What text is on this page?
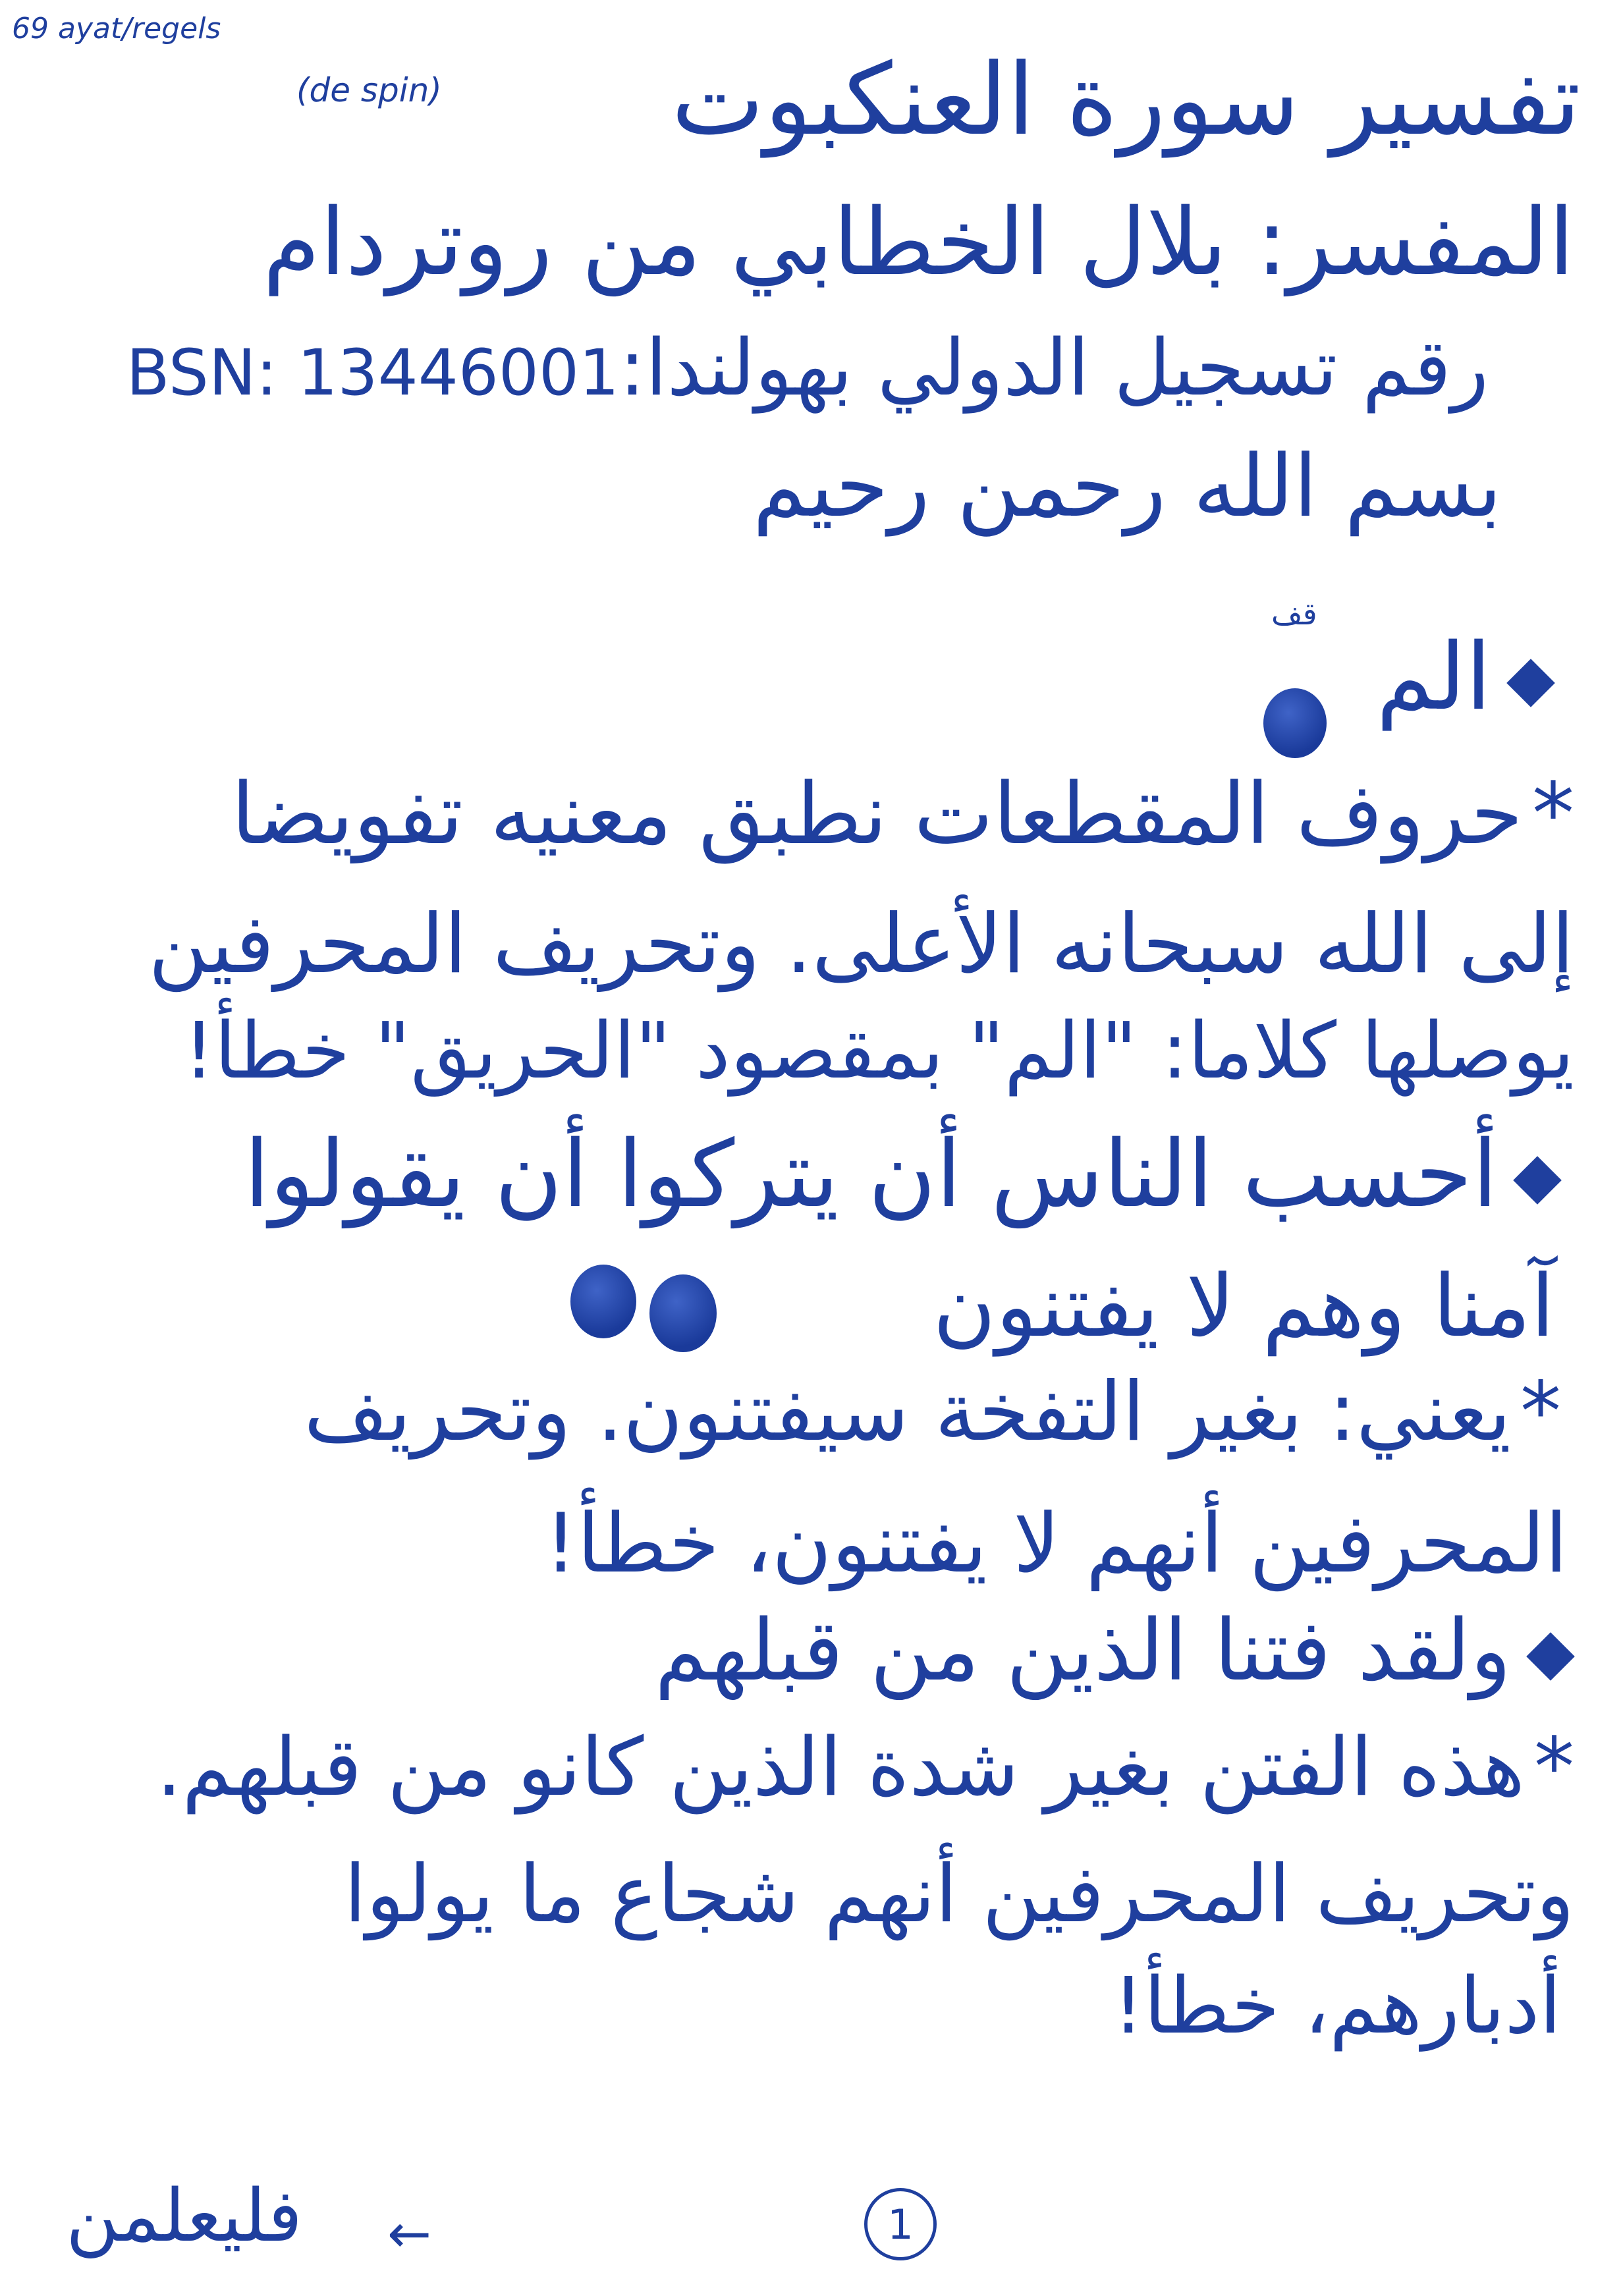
69 ayat/regels
(de spin)	تفسير سورة العنكبوت
المفسر: بلال الخطابي من روتردام
رقم تسجيل الدولي بهولندا:BSN: 13446001
بسم الله رحمن رحيم
قف
الم
*حروف المقطعات نطبق معنيه تفويضا
إلى الله سبحانه الأعلى. وتحريف المحرفين
يوصلها كلاما: "الم" بمقصود "الحريق" خطأ!
أحسب الناس أن يتركوا أن يقولوا
آمنا وهم لا يفتنون
*يعني: بغير التفخة سيفتنون. وتحريف
المحرفين أنهم لا يفتنون، خطأ!
ولقد فتنا الذين من قبلهم
*هذه الفتن بغير شدة الذين كانو من قبلهم.
وتحريف المحرفين أنهم شجاع ما يولوا
أدبارهم، خطأ!
فليعلمن ←	1
